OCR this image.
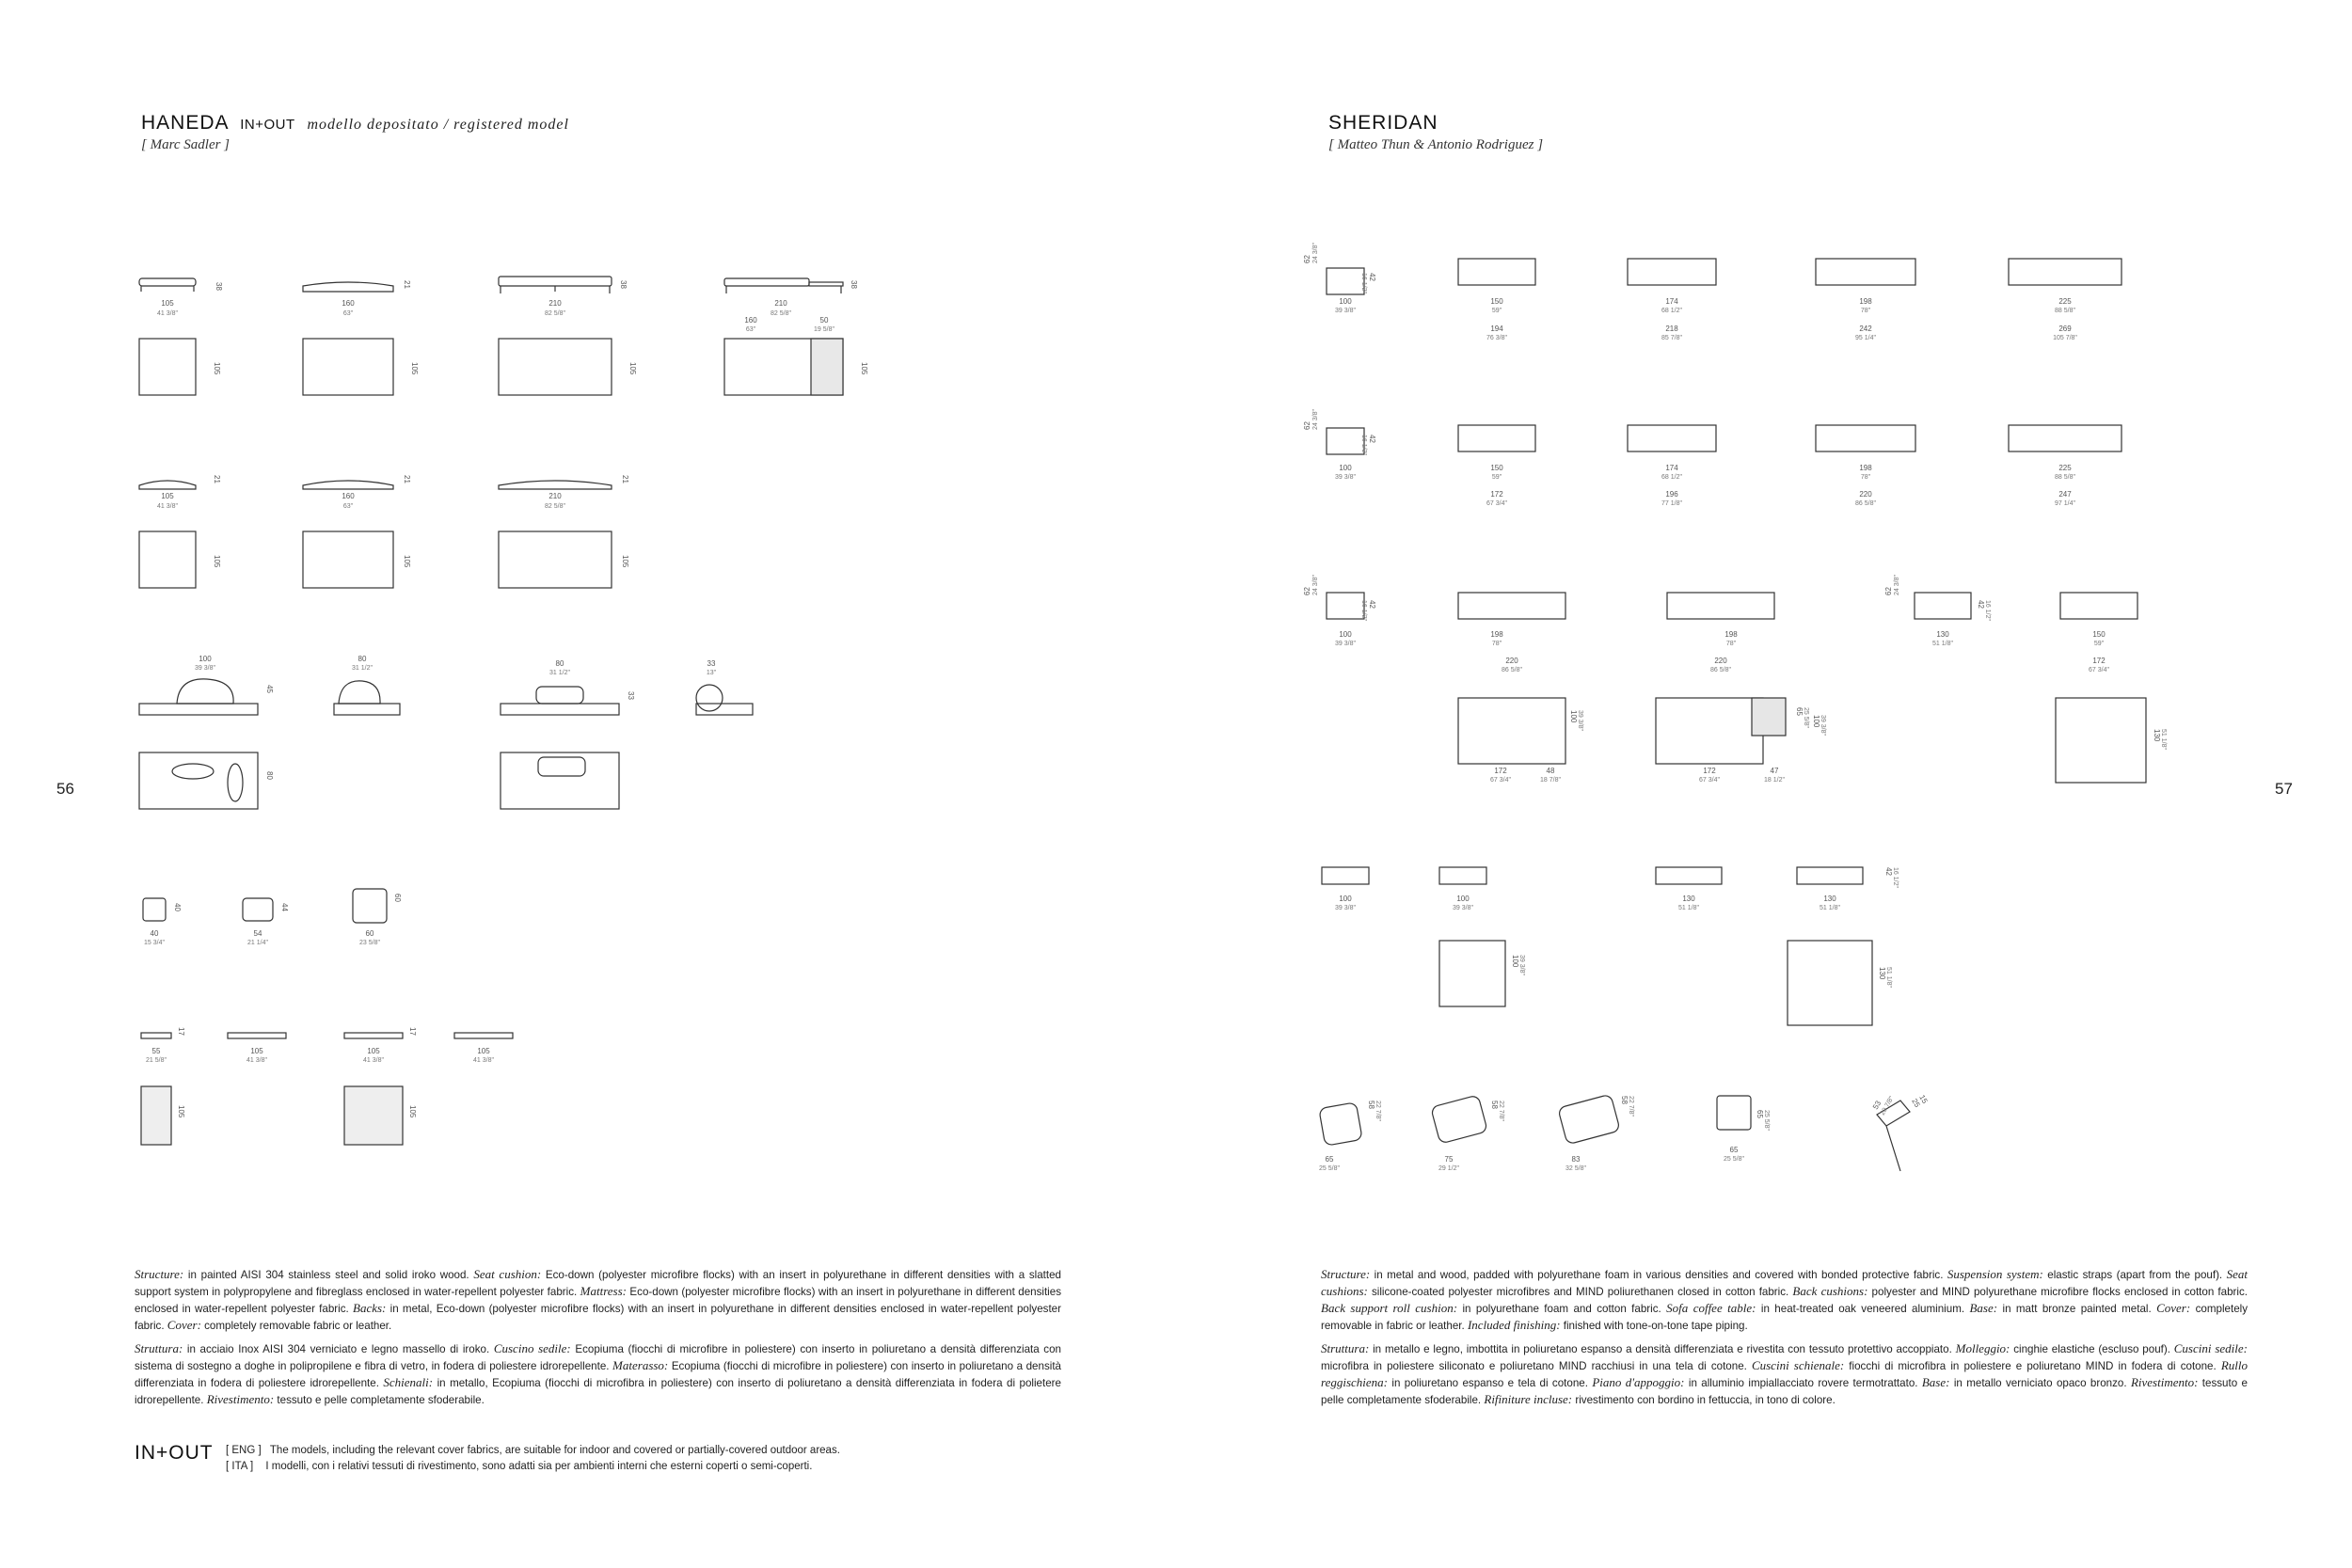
HANEDA IN+OUT modello depositato / registered model
[ Marc Sadler ]
56
SHERIDAN
[ Matteo Thun & Antonio Rodriguez ]
57
105	160	210	210
160	50
105	160	210
100	80
80	33
40	54	60
55	105	105	105
41 3/8"	63"	82 5/8"	82 5/8"
63"	19 5/8"
41 3/8"	63"	82 5/8"
39 3/8"	31 1/2"
31 1/2"	13"
15 3/4"	21 1/4"	23 5/8"
21 5/8"	41 3/8"	41 3/8"	41 3/8"
38
105	105	105	105
21	38	38
21	21	21
105	105	105
45
33
80
40	44
60
17	17
105	105
100	150	174	198	225
194	218	242	269
100	150	174	198	225
172	196	220	247
100	198	198	130	150
220	220	172
172	48	172	47
100	100	130	130
65	75	83
65
39 3/8"	59"	68 1/2"	78"	88 5/8"
76 3/8"	85 7/8"	95 1/4"	105 7/8"
39 3/8"	59"	68 1/2"	78"	88 5/8"
67 3/4"	77 1/8"	86 5/8"	97 1/4"
39 3/8"	78"	78"	51 1/8"	59"
86 5/8"	86 5/8"	67 3/4"
67 3/4"	18 7/8"	67 3/4"	18 1/2"
39 3/8"	39 3/8"	51 1/8"	51 1/8"
25 5/8"	29 1/2"	32 5/8"
25 5/8"
62 24 3/8"
42
16 1/2"
62 24 3/8"
42
16 1/2"
62 24 3/8"
42
16 1/2"
62 24 3/8"
42 16 1/2"
100 39 3/8"	65 25 5/8" 100 39 3/8"	130 51 1/8"
100 39 3/8"	130 51 1/8"
42 16 1/2"
58 22 7/8"	58 22 7/8"
58 22 7/8"	65 25 5/8"
53
20 7/8" 25
15
Structure: in painted AISI 304 stainless steel and solid iroko wood. Seat cushion: Eco-down (polyester microfibre flocks) with an insert in polyurethane in different densities with a slatted support system in polypropylene and fibreglass enclosed in water-repellent polyester fabric. Mattress: Eco-down (polyester microfibre flocks) with an insert in polyurethane in different densities enclosed in water-repellent polyester fabric. Backs: in metal, Eco-down (polyester microfibre flocks) with an insert in polyurethane in different densities enclosed in water-repellent polyester fabric. Cover: completely removable fabric or leather.
Struttura: in acciaio Inox AISI 304 verniciato e legno massello di iroko. Cuscino sedile: Ecopiuma (fiocchi di microfibre in poliestere) con inserto in poliuretano a densità differenziata con sistema di sostegno a doghe in polipropilene e fibra di vetro, in fodera di poliestere idrorepellente. Materasso: Ecopiuma (fiocchi di microfibre in poliestere) con inserto in poliuretano a densità differenziata in fodera di poliestere idrorepellente. Schienali: in metallo, Ecopiuma (fiocchi di microfibra in poliestere) con inserto di poliuretano a densità differenziata in fodera di polietere idrorepellente. Rivestimento: tessuto e pelle completamente sfoderabile.
IN+OUT [ ENG ] The models, including the relevant cover fabrics, are suitable for indoor and covered or partially-covered outdoor areas.
[ ITA ] I modelli, con i relativi tessuti di rivestimento, sono adatti sia per ambienti interni che esterni coperti o semi-coperti.
Structure: in metal and wood, padded with polyurethane foam in various densities and covered with bonded protective fabric. Suspension system: elastic straps (apart from the pouf). Seat cushions: silicone-coated polyester microfibres and MIND poliurethanen closed in cotton fabric. Back cushions: polyester and MIND polyurethane microfibre flocks enclosed in cotton fabric. Back support roll cushion: in polyurethane foam and cotton fabric. Sofa coffee table: in heat-treated oak veneered aluminium. Base: in matt bronze painted metal. Cover: completely removable in fabric or leather. Included finishing: finished with tone-on-tone tape piping.
Struttura: in metallo e legno, imbottita in poliuretano espanso a densità differenziata e rivestita con tessuto protettivo accoppiato. Molleggio: cinghie elastiche (escluso pouf). Cuscini sedile: microfibra in poliestere siliconato e poliuretano MIND racchiusi in una tela di cotone. Cuscini schienale: fiocchi di microfibra in poliestere e poliuretano MIND in fodera di cotone. Rullo reggischiena: in poliuretano espanso e tela di cotone. Piano d'appoggio: in alluminio impiallacciato rovere termotrattato. Base: in metallo verniciato opaco bronzo. Rivestimento: tessuto e pelle completamente sfoderabile. Rifiniture incluse: rivestimento con bordino in fettuccia, in tono di colore.
